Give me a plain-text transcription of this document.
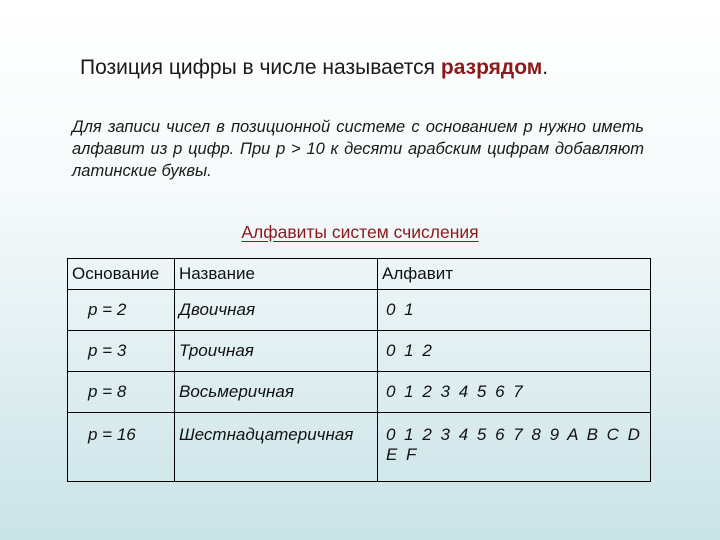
Позиция цифры в числе называется разрядом.
Для записи чисел в позиционной системе с основанием p нужно иметь алфавит из p цифр. При p > 10 к десяти арабским цифрам добавляют латинские буквы.
Алфавиты систем счисления
Основание	Название	Алфавит
p = 2	Двоичная	0 1
p = 3	Троичная	0 1 2
p = 8	Восьмеричная	0 1 2 3 4 5 6 7
p = 16	Шестнадцатеричная	0 1 2 3 4 5 6 7 8 9 A B C D E F
